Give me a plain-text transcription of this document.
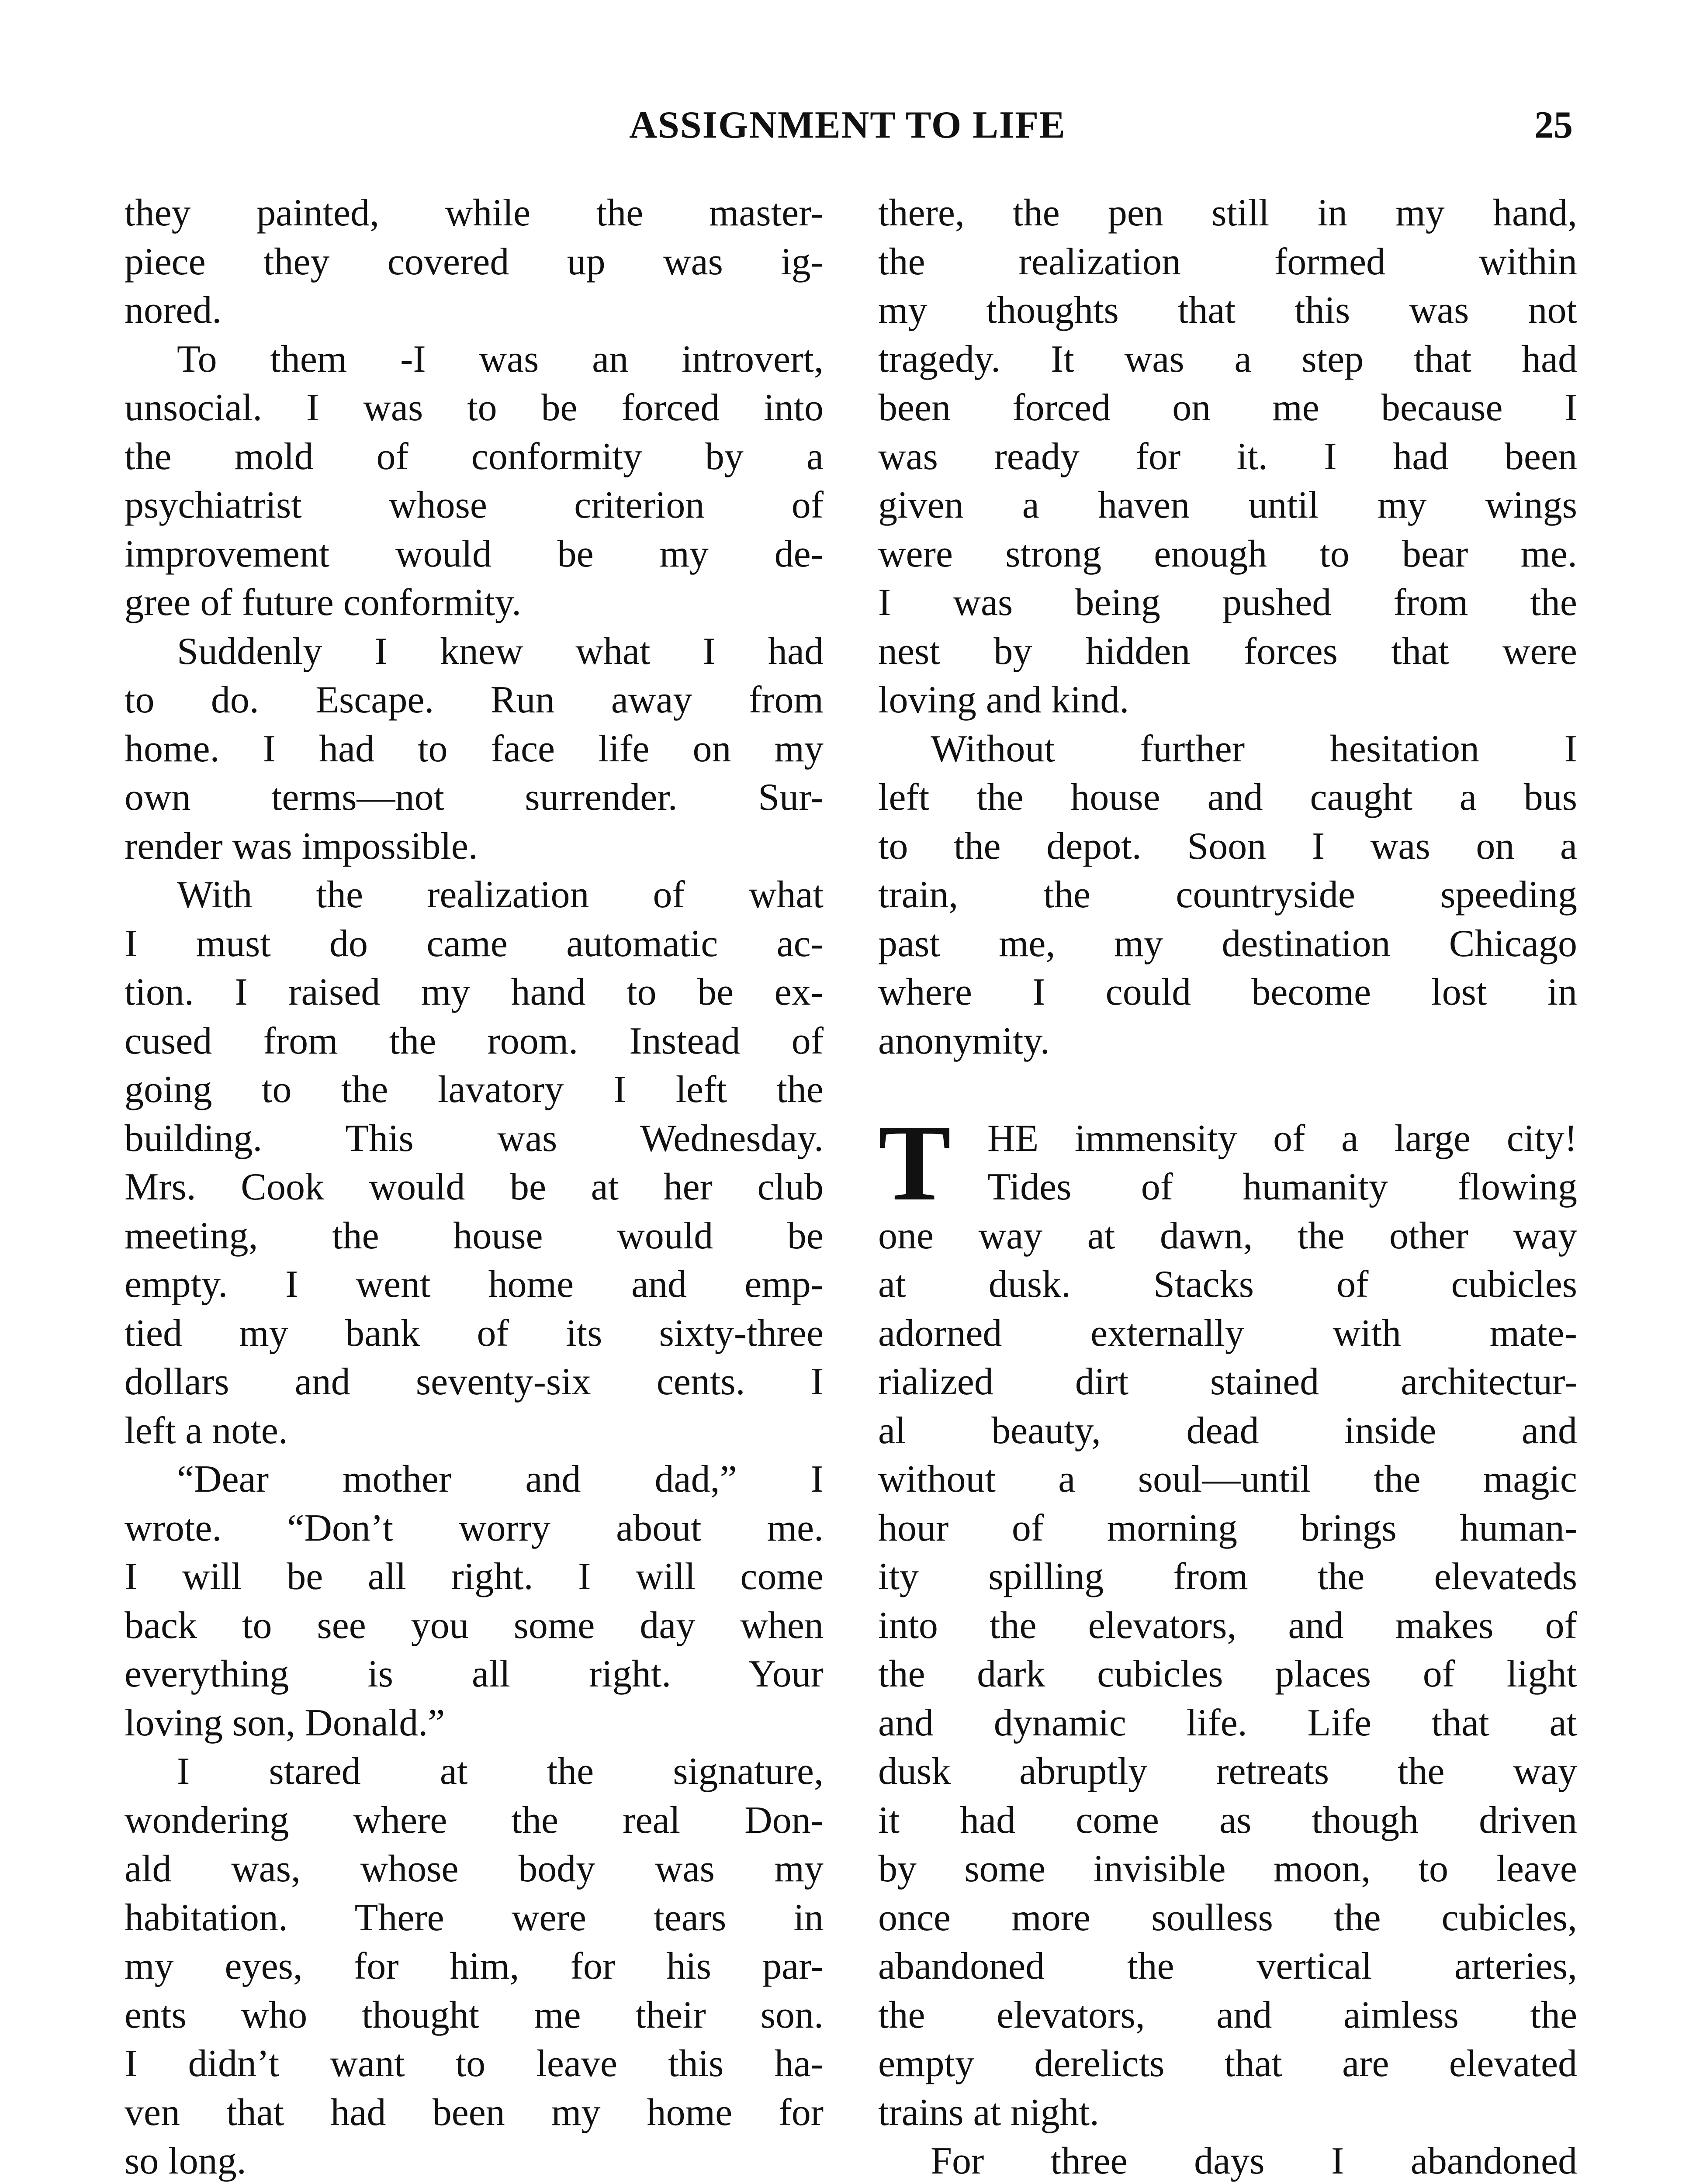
ASSIGNMENT TO LIFE	25
they painted, while the master-
piece they covered up was ig-
nored.
To them -I was an introvert,
unsocial. I was to be forced into
the mold of conformity by a
psychiatrist whose criterion of
improvement would be my de-
gree of future conformity.
Suddenly I knew what I had
to do. Escape. Run away from
home. I had to face life on my
own terms—not surrender. Sur-
render was impossible.
With the realization of what
I must do came automatic ac-
tion. I raised my hand to be ex-
cused from the room. Instead of
going to the lavatory I left the
building. This was Wednesday.
Mrs. Cook would be at her club
meeting, the house would be
empty. I went home and emp-
tied my bank of its sixty-three
dollars and seventy-six cents. I
left a note.
“Dear mother and dad,” I
wrote. “Don’t worry about me.
I will be all right. I will come
back to see you some day when
everything is all right. Your
loving son, Donald.”
I stared at the signature,
wondering where the real Don-
ald was, whose body was my
habitation. There were tears in
my eyes, for him, for his par-
ents who thought me their son.
I didn’t want to leave this ha-
ven that had been my home for
so long.
there, the pen still in my hand,
the realization formed within
my thoughts that this was not
tragedy. It was a step that had
been forced on me because I
was ready for it. I had been
given a haven until my wings
were strong enough to bear me.
I was being pushed from the
nest by hidden forces that were
loving and kind.
Without further hesitation I
left the house and caught a bus
to the depot. Soon I was on a
train, the countryside speeding
past me, my destination Chicago
where I could become lost in
anonymity.
T HE immensity of a large city!
Tides of humanity flowing
one way at dawn, the other way
at dusk. Stacks of cubicles
adorned externally with mate-
rialized dirt stained architectur-
al beauty, dead inside and
without a soul—until the magic
hour of morning brings human-
ity spilling from the elevateds
into the elevators, and makes of
the dark cubicles places of light
and dynamic life. Life that at
dusk abruptly retreats the way
it had come as though driven
by some invisible moon, to leave
once more soulless the cubicles,
abandoned the vertical arteries,
the elevators, and aimless the
empty derelicts that are elevated
trains at night.
For three days I abandoned
